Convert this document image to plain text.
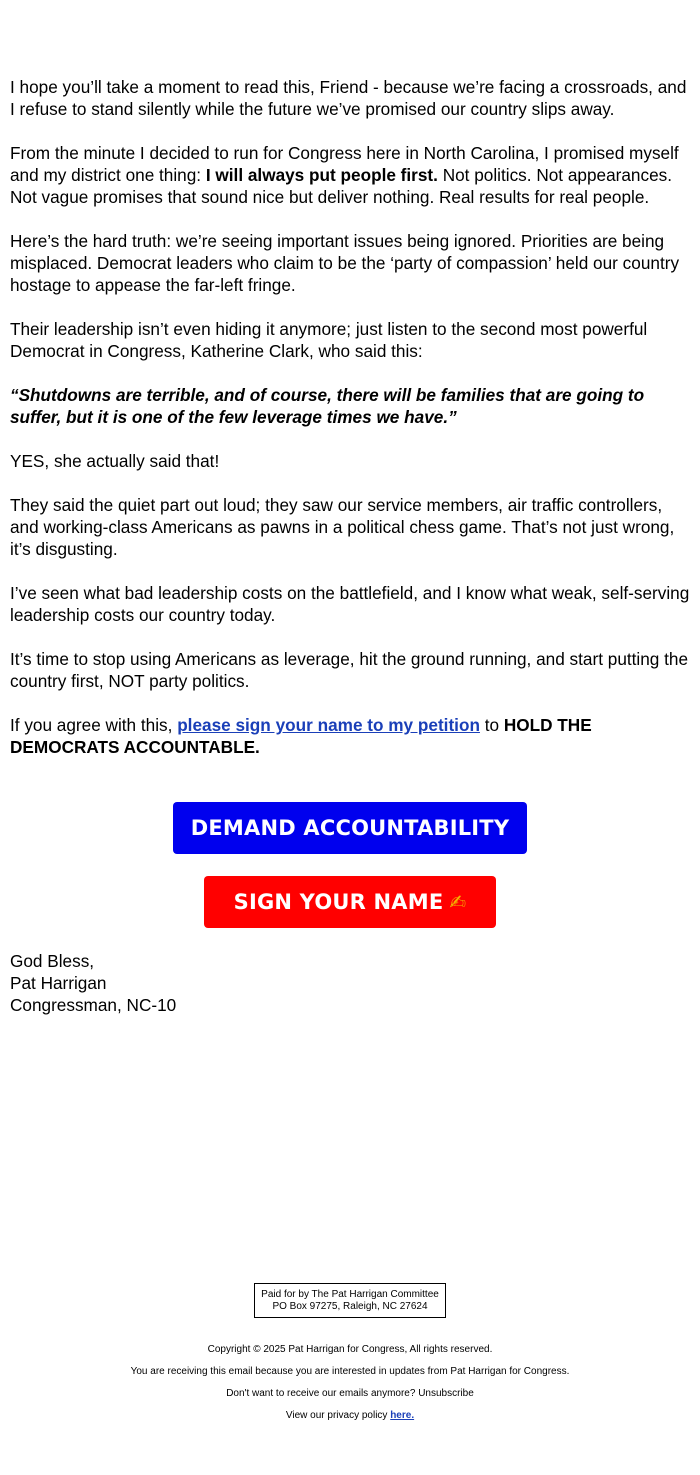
I hope you’ll take a moment to read this, Friend - because we’re facing a crossroads, and I refuse to stand silently while the future we’ve promised our country slips away.

From the minute I decided to run for Congress here in North Carolina, I promised myself and my district one thing: I will always put people first. Not politics. Not appearances. Not vague promises that sound nice but deliver nothing. Real results for real people.

Here’s the hard truth: we’re seeing important issues being ignored. Priorities are being misplaced. Democrat leaders who claim to be the ‘party of compassion’ held our country hostage to appease the far-left fringe.

Their leadership isn’t even hiding it anymore; just listen to the second most powerful Democrat in Congress, Katherine Clark, who said this:

“Shutdowns are terrible, and of course, there will be families that are going to suffer, but it is one of the few leverage times we have.”

YES, she actually said that!

They said the quiet part out loud; they saw our service members, air traffic controllers, and working-class Americans as pawns in a political chess game. That’s not just wrong, it’s disgusting.

I’ve seen what bad leadership costs on the battlefield, and I know what weak, self-serving leadership costs our country today.

It’s time to stop using Americans as leverage, hit the ground running, and start putting the country first, NOT party politics.

If you agree with this, please sign your name to my petition to HOLD THE DEMOCRATS ACCOUNTABLE.

DEMAND ACCOUNTABILITY
SIGN YOUR NAME ✍
God Bless,
Pat Harrigan
Congressman, NC-10
Paid for by The Pat Harrigan Committee
PO Box 97275, Raleigh, NC 27624
Copyright © 2025 Pat Harrigan for Congress, All rights reserved.
You are receiving this email because you are interested in updates from Pat Harrigan for Congress.
Don't want to receive our emails anymore? Unsubscribe
View our privacy policy here.
